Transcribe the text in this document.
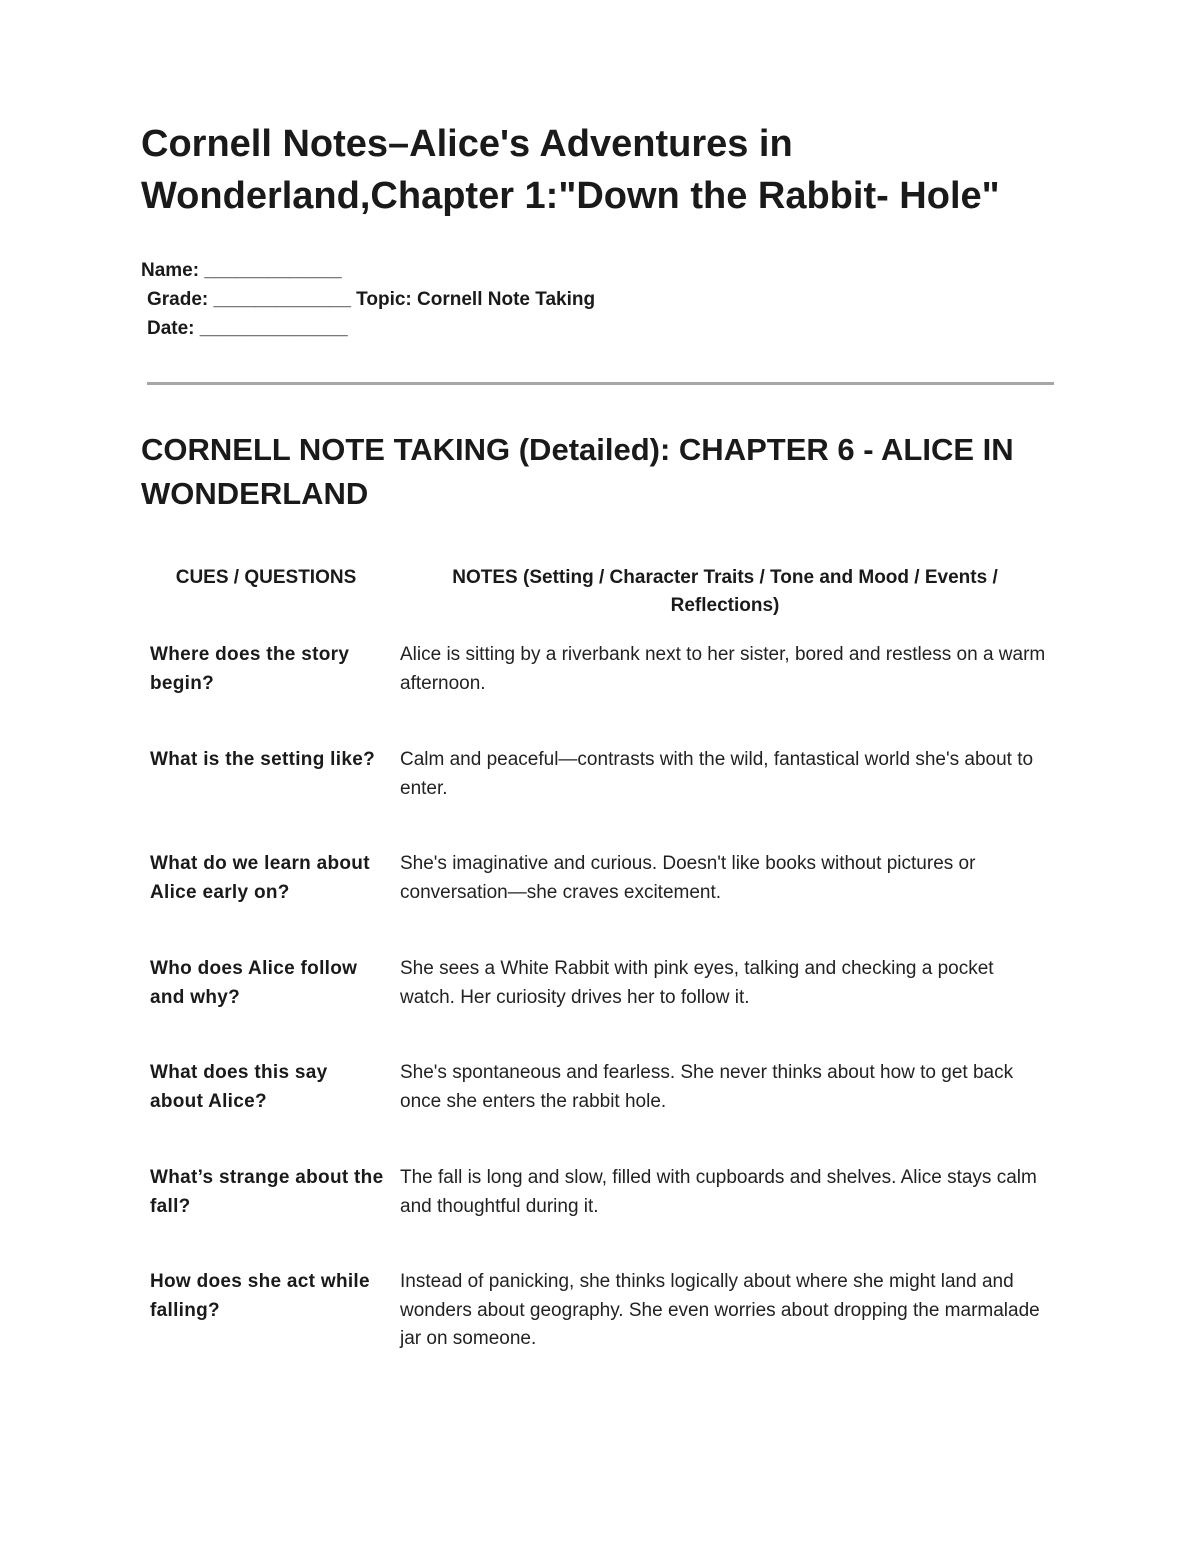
Cornell Notes–Alice's Adventures in Wonderland,Chapter 1:"Down the Rabbit- Hole"
Name: _____________
Grade: _____________ Topic: Cornell Note Taking
Date: ______________
CORNELL NOTE TAKING (Detailed): CHAPTER 6 - ALICE IN WONDERLAND
CUES / QUESTIONS	NOTES (Setting / Character Traits / Tone and Mood / Events / Reflections)
Where does the story begin?
Alice is sitting by a riverbank next to her sister, bored and restless on a warm afternoon.
What is the setting like?	Calm and peaceful—contrasts with the wild, fantastical world she's about to enter.
What do we learn about Alice early on?
She's imaginative and curious. Doesn't like books without pictures or conversation—she craves excitement.
Who does Alice follow and why?
She sees a White Rabbit with pink eyes, talking and checking a pocket watch. Her curiosity drives her to follow it.
What does this say about Alice?
She's spontaneous and fearless. She never thinks about how to get back once she enters the rabbit hole.
What’s strange about the fall?
The fall is long and slow, filled with cupboards and shelves. Alice stays calm and thoughtful during it.
How does she act while falling?
Instead of panicking, she thinks logically about where she might land and wonders about geography. She even worries about dropping the marmalade jar on someone.
